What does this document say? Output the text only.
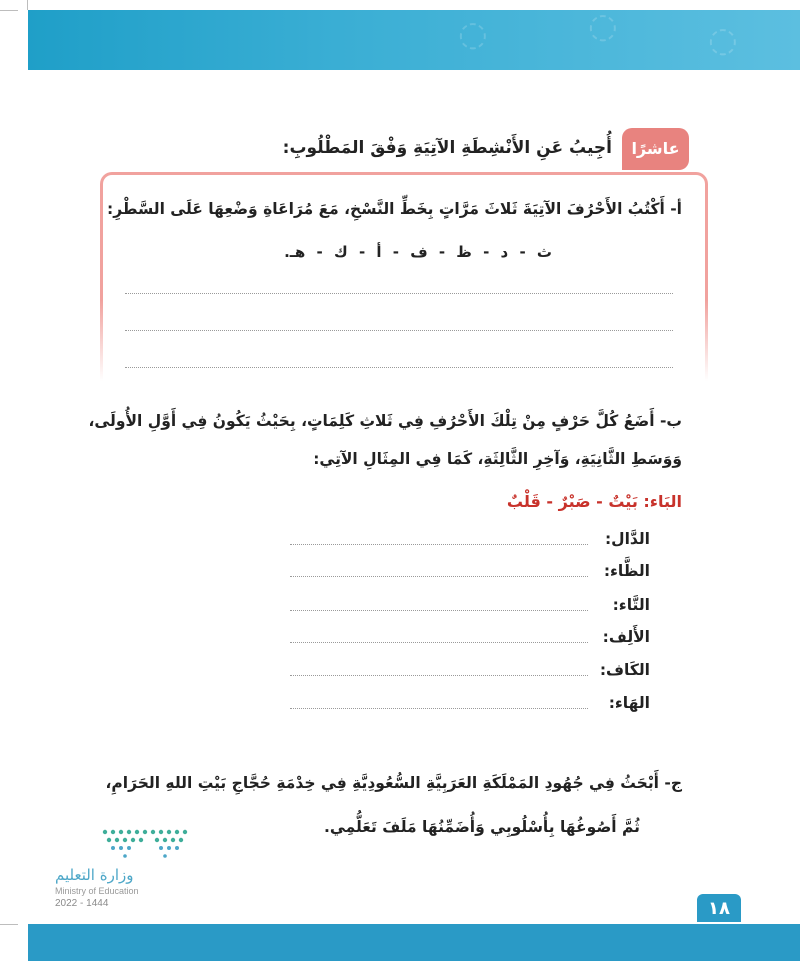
◌	◌	◌
عاشرًا
أُجِيبُ عَنِ الأَنْشِطَةِ الآتِيَةِ وَفْقَ المَطْلُوبِ:
أ- أَكْتُبُ الأَحْرُفَ الآتِيَةَ ثَلاثَ مَرَّاتٍ بِخَطِّ النَّسْخِ، مَعَ مُرَاعَاةِ وَضْعِهَا عَلَى السَّطْرِ:
ث - د - ظ - ف - أ - ك - هـ.
ب- أَضَعُ كُلَّ حَرْفٍ مِنْ تِلْكَ الأَحْرُفِ فِي ثَلاثِ كَلِمَاتٍ، بِحَيْثُ يَكُونُ فِي أَوَّلِ الأُولَى،
وَوَسَطِ الثَّانِيَةِ، وَآخِرِ الثَّالِثَةِ، كَمَا فِي المِثَالِ الآتِي:
البَاء: بَيْتٌ - صَبْرٌ - قَلْبٌ
الدَّال:
الظَّاء:
التَّاء:
الأَلِف:
الكَاف:
الهَاء:
ج- أَبْحَثُ فِي جُهُودِ المَمْلَكَةِ العَرَبِيَّةِ السُّعُودِيَّةِ فِي خِدْمَةِ حُجَّاجِ بَيْتِ اللهِ الحَرَامِ،
ثُمَّ أَصُوغُهَا بِأُسْلُوبِي وَأُضَمِّنُهَا مَلَفَ تَعَلُّمِي.
وزارة التعليم
Ministry of Education
2022 - 1444	١٨
